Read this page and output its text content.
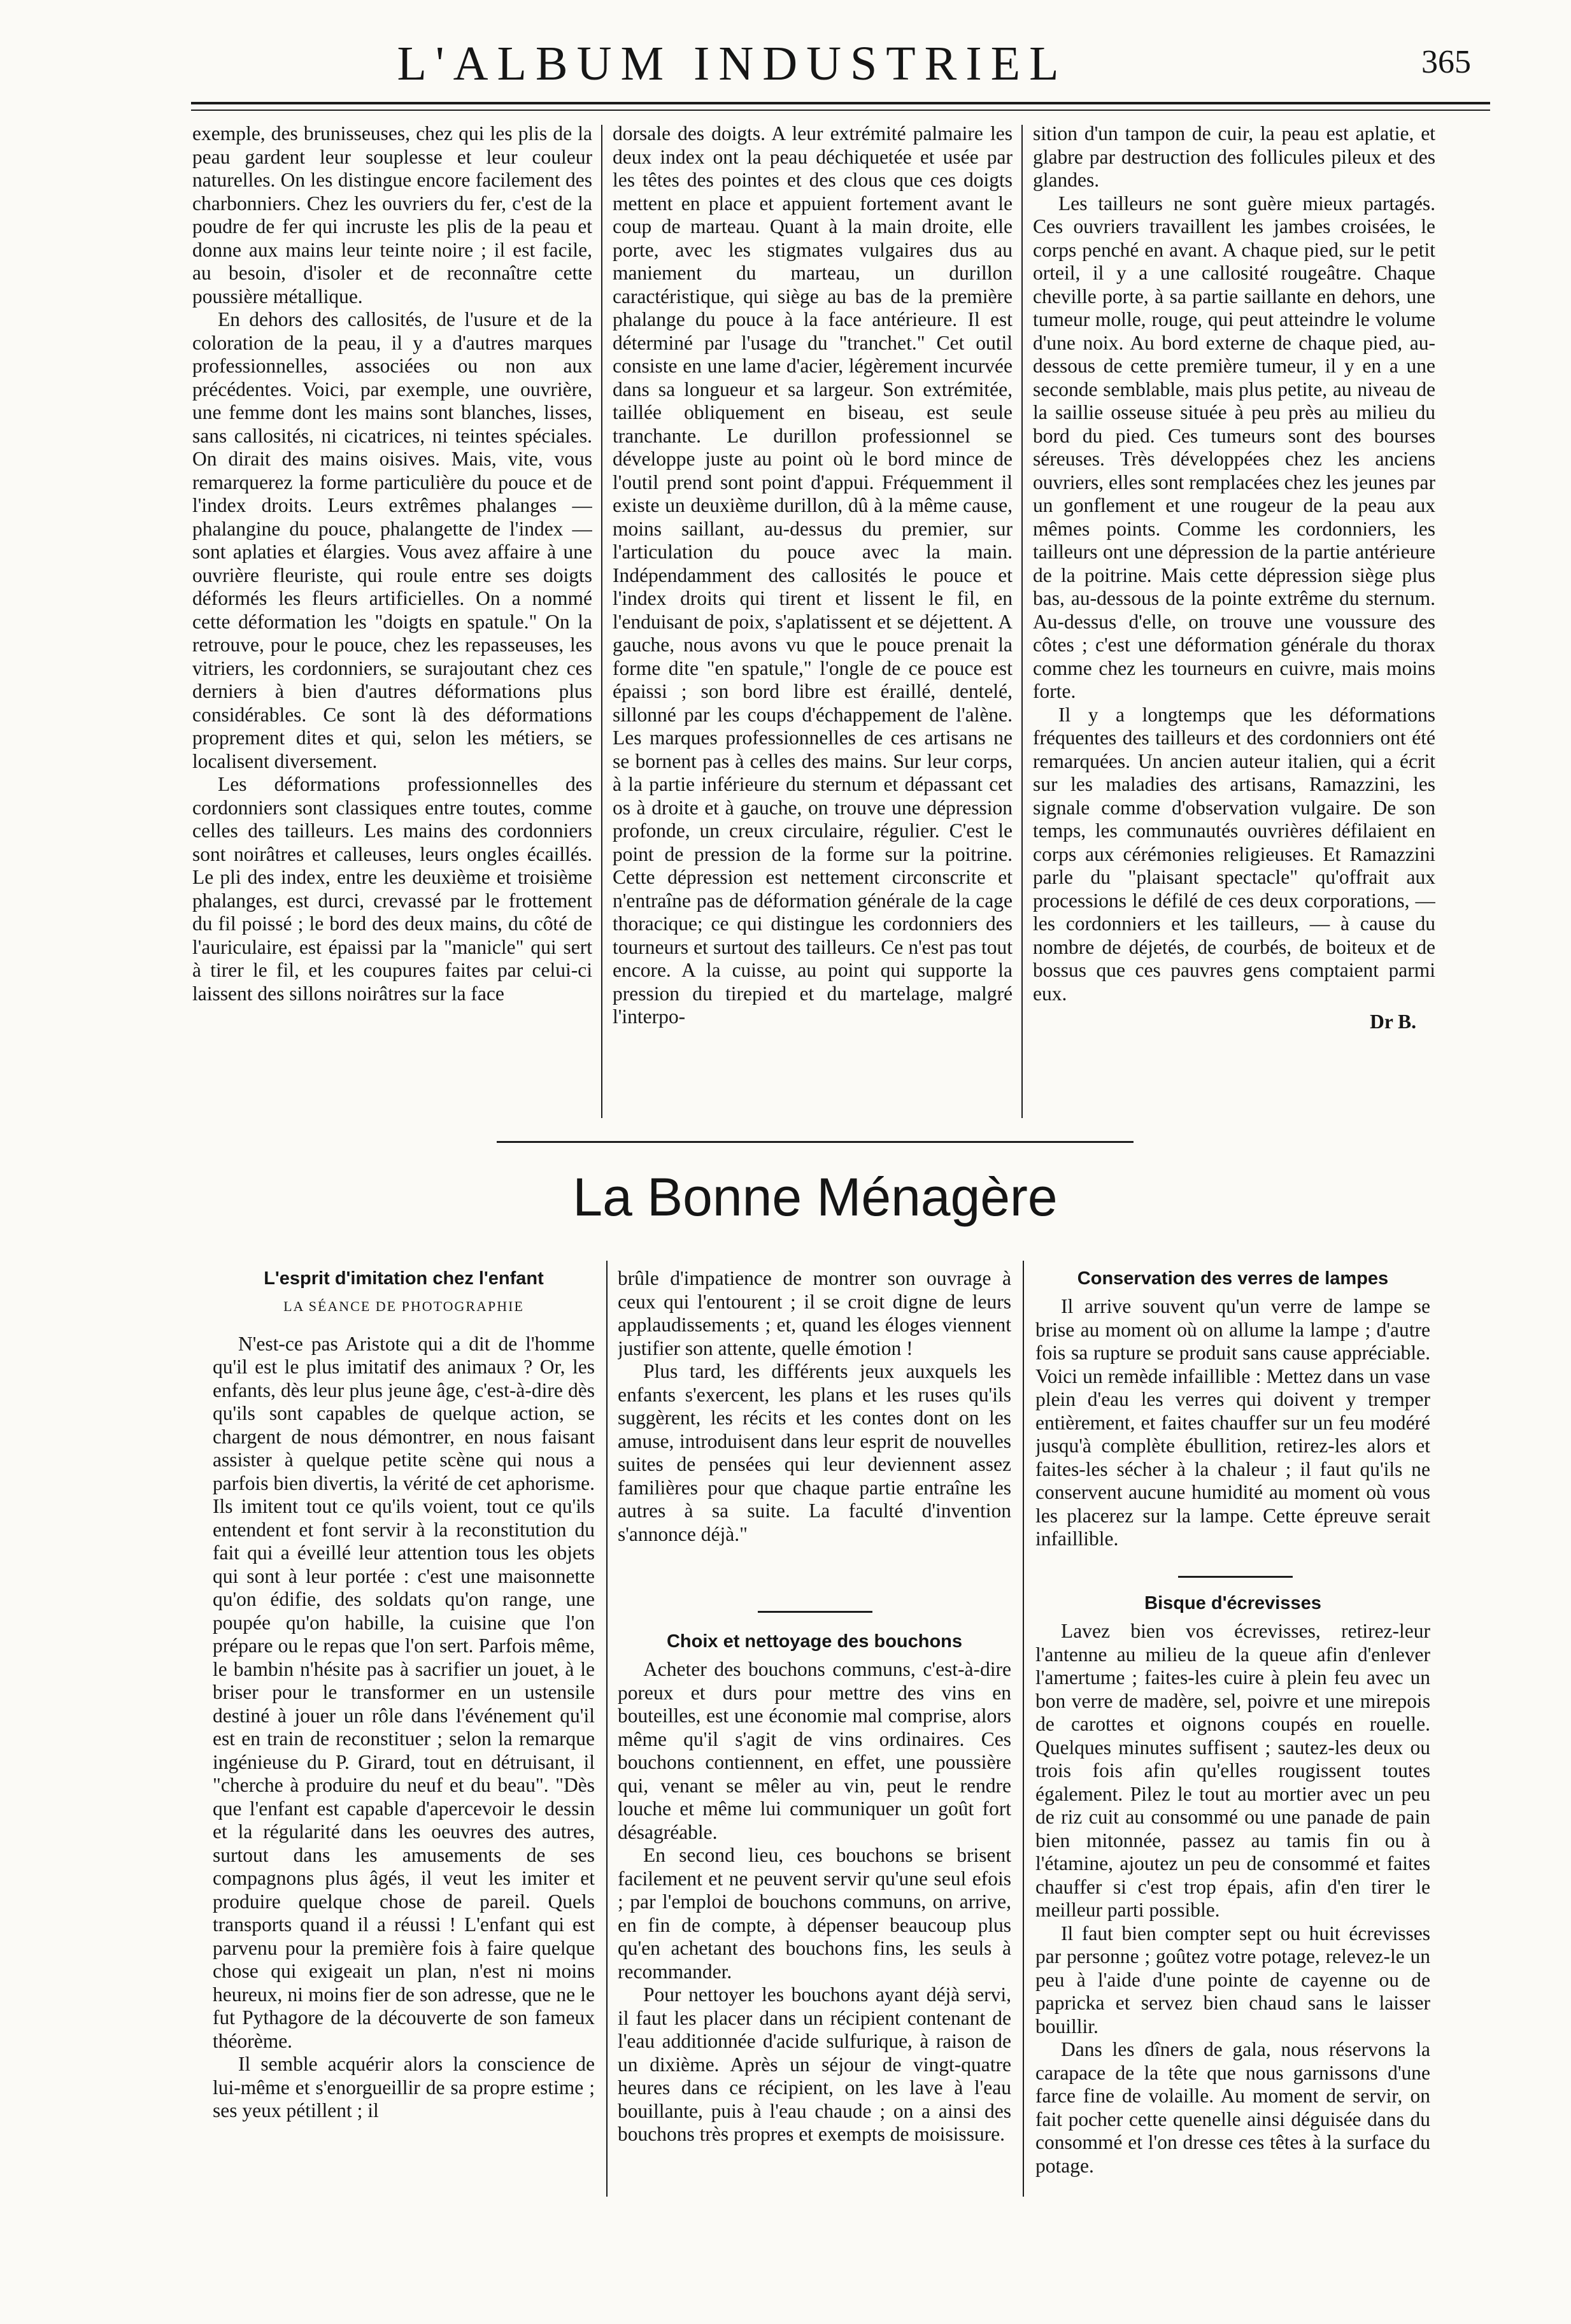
L'ALBUM INDUSTRIEL	365

exemple, des brunisseuses, chez qui les plis de la peau gardent leur souplesse et leur couleur naturelles. On les distingue encore facilement des charbonniers. Chez les ouvriers du fer, c'est de la poudre de fer qui incruste les plis de la peau et donne aux mains leur teinte noire ; il est facile, au besoin, d'isoler et de reconnaître cette poussière métallique.

En dehors des callosités, de l'usure et de la coloration de la peau, il y a d'autres marques professionnelles, associées ou non aux précédentes. Voici, par exemple, une ouvrière, une femme dont les mains sont blanches, lisses, sans callosités, ni cicatrices, ni teintes spéciales. On dirait des mains oisives. Mais, vite, vous remarquerez la forme particulière du pouce et de l'index droits. Leurs extrêmes phalanges — phalangine du pouce, phalangette de l'index — sont aplaties et élargies. Vous avez affaire à une ouvrière fleuriste, qui roule entre ses doigts déformés les fleurs artificielles. On a nommé cette déformation les "doigts en spatule." On la retrouve, pour le pouce, chez les repasseuses, les vitriers, les cordonniers, se surajoutant chez ces derniers à bien d'autres déformations plus considérables. Ce sont là des déformations proprement dites et qui, selon les métiers, se localisent diversement.

Les déformations professionnelles des cordonniers sont classiques entre toutes, comme celles des tailleurs. Les mains des cordonniers sont noirâtres et calleuses, leurs ongles écaillés. Le pli des index, entre les deuxième et troisième phalanges, est durci, crevassé par le frottement du fil poissé ; le bord des deux mains, du côté de l'auriculaire, est épaissi par la "manicle" qui sert à tirer le fil, et les coupures faites par celui-ci laissent des sillons noirâtres sur la face

dorsale des doigts. A leur extrémité palmaire les deux index ont la peau déchiquetée et usée par les têtes des pointes et des clous que ces doigts mettent en place et appuient fortement avant le coup de marteau. Quant à la main droite, elle porte, avec les stigmates vulgaires dus au maniement du marteau, un durillon caractéristique, qui siège au bas de la première phalange du pouce à la face antérieure. Il est déterminé par l'usage du "tranchet." Cet outil consiste en une lame d'acier, légèrement incurvée dans sa longueur et sa largeur. Son extrémitée, taillée obliquement en biseau, est seule tranchante. Le durillon professionnel se développe juste au point où le bord mince de l'outil prend sont point d'appui. Fréquemment il existe un deuxième durillon, dû à la même cause, moins saillant, au-dessus du premier, sur l'articulation du pouce avec la main. Indépendamment des callosités le pouce et l'index droits qui tirent et lissent le fil, en l'enduisant de poix, s'aplatissent et se déjettent. A gauche, nous avons vu que le pouce prenait la forme dite "en spatule," l'ongle de ce pouce est épaissi ; son bord libre est éraillé, dentelé, sillonné par les coups d'échappement de l'alène. Les marques professionnelles de ces artisans ne se bornent pas à celles des mains. Sur leur corps, à la partie inférieure du sternum et dépassant cet os à droite et à gauche, on trouve une dépression profonde, un creux circulaire, régulier. C'est le point de pression de la forme sur la poitrine. Cette dépression est nettement circonscrite et n'entraîne pas de déformation générale de la cage thoracique; ce qui distingue les cordonniers des tourneurs et surtout des tailleurs. Ce n'est pas tout encore. A la cuisse, au point qui supporte la pression du tirepied et du martelage, malgré l'interpo-

sition d'un tampon de cuir, la peau est aplatie, et glabre par destruction des follicules pileux et des glandes.

Les tailleurs ne sont guère mieux partagés. Ces ouvriers travaillent les jambes croisées, le corps penché en avant. A chaque pied, sur le petit orteil, il y a une callosité rougeâtre. Chaque cheville porte, à sa partie saillante en dehors, une tumeur molle, rouge, qui peut atteindre le volume d'une noix. Au bord externe de chaque pied, au-dessous de cette première tumeur, il y en a une seconde semblable, mais plus petite, au niveau de la saillie osseuse située à peu près au milieu du bord du pied. Ces tumeurs sont des bourses séreuses. Très développées chez les anciens ouvriers, elles sont remplacées chez les jeunes par un gonflement et une rougeur de la peau aux mêmes points. Comme les cordonniers, les tailleurs ont une dépression de la partie antérieure de la poitrine. Mais cette dépression siège plus bas, au-dessous de la pointe extrême du sternum. Au-dessus d'elle, on trouve une voussure des côtes ; c'est une déformation générale du thorax comme chez les tourneurs en cuivre, mais moins forte.

Il y a longtemps que les déformations fréquentes des tailleurs et des cordonniers ont été remarquées. Un ancien auteur italien, qui a écrit sur les maladies des artisans, Ramazzini, les signale comme d'observation vulgaire. De son temps, les communautés ouvrières défilaient en corps aux cérémonies religieuses. Et Ramazzini parle du "plaisant spectacle" qu'offrait aux processions le défilé de ces deux corporations, — les cordonniers et les tailleurs, — à cause du nombre de déjetés, de courbés, de boiteux et de bossus que ces pauvres gens comptaient parmi eux.

Dr B.

La Bonne Ménagère
L'esprit d'imitation chez l'enfant
LA SÉANCE DE PHOTOGRAPHIE

N'est-ce pas Aristote qui a dit de l'homme qu'il est le plus imitatif des animaux ? Or, les enfants, dès leur plus jeune âge, c'est-à-dire dès qu'ils sont capables de quelque action, se chargent de nous démontrer, en nous faisant assister à quelque petite scène qui nous a parfois bien divertis, la vérité de cet aphorisme. Ils imitent tout ce qu'ils voient, tout ce qu'ils entendent et font servir à la reconstitution du fait qui a éveillé leur attention tous les objets qui sont à leur portée : c'est une maisonnette qu'on édifie, des soldats qu'on range, une poupée qu'on habille, la cuisine que l'on prépare ou le repas que l'on sert. Parfois même, le bambin n'hésite pas à sacrifier un jouet, à le briser pour le transformer en un ustensile destiné à jouer un rôle dans l'événement qu'il est en train de reconstituer ; selon la remarque ingénieuse du P. Girard, tout en détruisant, il "cherche à produire du neuf et du beau". "Dès que l'enfant est capable d'apercevoir le dessin et la régularité dans les oeuvres des autres, surtout dans les amusements de ses compagnons plus âgés, il veut les imiter et produire quelque chose de pareil. Quels transports quand il a réussi ! L'enfant qui est parvenu pour la première fois à faire quelque chose qui exigeait un plan, n'est ni moins heureux, ni moins fier de son adresse, que ne le fut Pythagore de la découverte de son fameux théorème.

Il semble acquérir alors la conscience de lui-même et s'enorgueillir de sa propre estime ; ses yeux pétillent ; il

brûle d'impatience de montrer son ouvrage à ceux qui l'entourent ; il se croit digne de leurs applaudissements ; et, quand les éloges viennent justifier son attente, quelle émotion !

Plus tard, les différents jeux auxquels les enfants s'exercent, les plans et les ruses qu'ils suggèrent, les récits et les contes dont on les amuse, introduisent dans leur esprit de nouvelles suites de pensées qui leur deviennent assez familières pour que chaque partie entraîne les autres à sa suite. La faculté d'invention s'annonce déjà."

Choix et nettoyage des bouchons

Acheter des bouchons communs, c'est-à-dire poreux et durs pour mettre des vins en bouteilles, est une économie mal comprise, alors même qu'il s'agit de vins ordinaires. Ces bouchons contiennent, en effet, une poussière qui, venant se mêler au vin, peut le rendre louche et même lui communiquer un goût fort désagréable.

En second lieu, ces bouchons se brisent facilement et ne peuvent servir qu'une seul efois ; par l'emploi de bouchons communs, on arrive, en fin de compte, à dépenser beaucoup plus qu'en achetant des bouchons fins, les seuls à recommander.

Pour nettoyer les bouchons ayant déjà servi, il faut les placer dans un récipient contenant de l'eau additionnée d'acide sulfurique, à raison de un dixième. Après un séjour de vingt-quatre heures dans ce récipient, on les lave à l'eau bouillante, puis à l'eau chaude ; on a ainsi des bouchons très propres et exempts de moisissure.

Conservation des verres de lampes

Il arrive souvent qu'un verre de lampe se brise au moment où on allume la lampe ; d'autre fois sa rupture se produit sans cause appréciable. Voici un remède infaillible : Mettez dans un vase plein d'eau les verres qui doivent y tremper entièrement, et faites chauffer sur un feu modéré jusqu'à complète ébullition, retirez-les alors et faites-les sécher à la chaleur ; il faut qu'ils ne conservent aucune humidité au moment où vous les placerez sur la lampe. Cette épreuve serait infaillible.

Bisque d'écrevisses

Lavez bien vos écrevisses, retirez-leur l'antenne au milieu de la queue afin d'enlever l'amertume ; faites-les cuire à plein feu avec un bon verre de madère, sel, poivre et une mirepois de carottes et oignons coupés en rouelle. Quelques minutes suffisent ; sautez-les deux ou trois fois afin qu'elles rougissent toutes également. Pilez le tout au mortier avec un peu de riz cuit au consommé ou une panade de pain bien mitonnée, passez au tamis fin ou à l'étamine, ajoutez un peu de consommé et faites chauffer si c'est trop épais, afin d'en tirer le meilleur parti possible.

Il faut bien compter sept ou huit écrevisses par personne ; goûtez votre potage, relevez-le un peu à l'aide d'une pointe de cayenne ou de papricka et servez bien chaud sans le laisser bouillir.

Dans les dîners de gala, nous réservons la carapace de la tête que nous garnissons d'une farce fine de volaille. Au moment de servir, on fait pocher cette quenelle ainsi déguisée dans du consommé et l'on dresse ces têtes à la surface du potage.
